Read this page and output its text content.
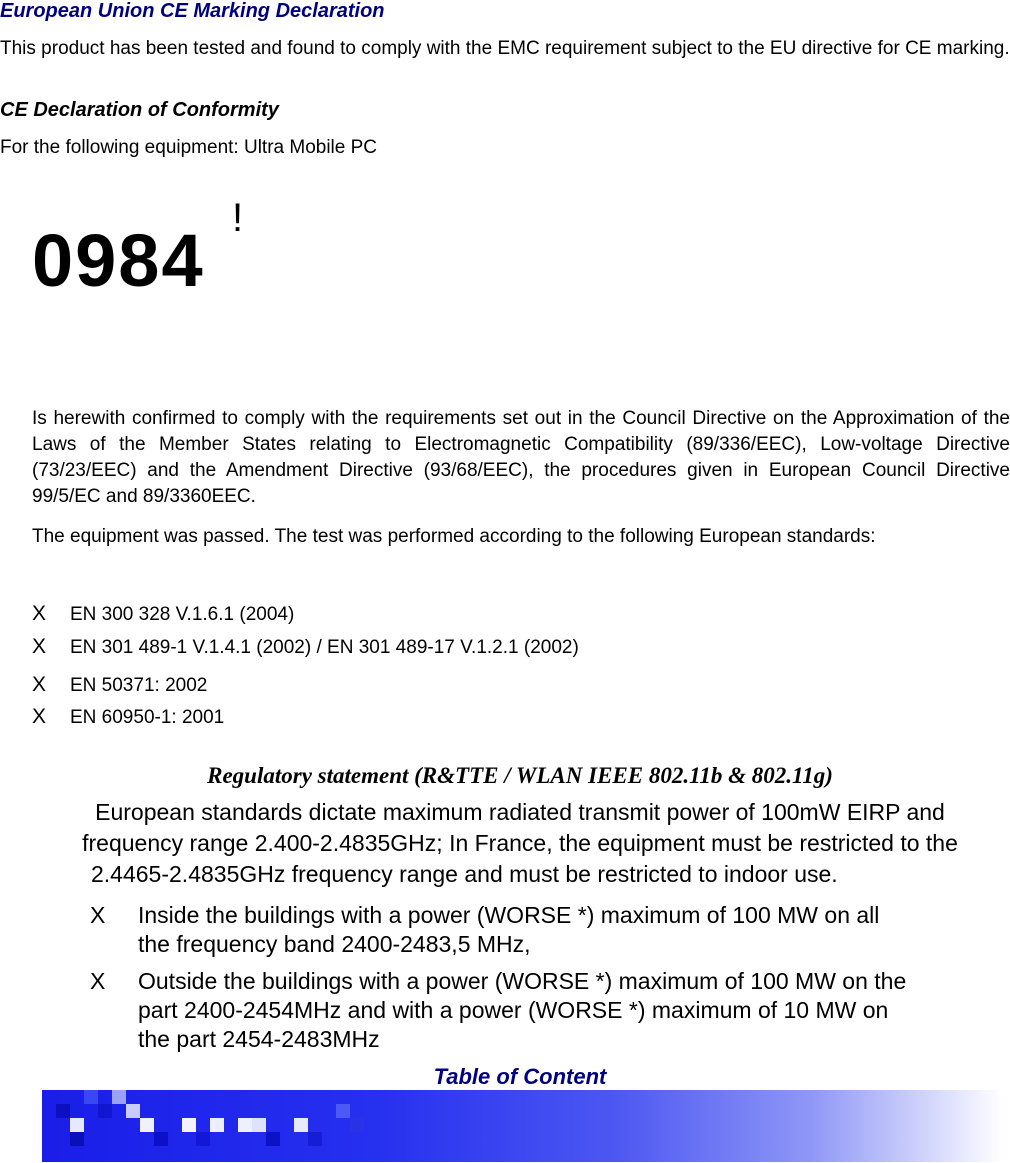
European Union CE Marking Declaration
This product has been tested and found to comply with the EMC requirement subject to the EU directive for CE marking.
CE Declaration of Conformity
For the following equipment: Ultra Mobile PC
0984
!
Is herewith confirmed to comply with the requirements set out in the Council Directive on the Approximation of the Laws of the Member States relating to Electromagnetic Compatibility (89/336/EEC), Low-voltage Directive (73/23/EEC) and the Amendment Directive (93/68/EEC), the procedures given in European Council Directive 99/5/EC and 89/3360EEC.
The equipment was passed. The test was performed according to the following European standards:
X EN 300 328 V.1.6.1 (2004)
X EN 301 489-1 V.1.4.1 (2002) / EN 301 489-17 V.1.2.1 (2002)
X EN 50371: 2002
X EN 60950-1: 2001
Regulatory statement (R&TTE / WLAN IEEE 802.11b & 802.11g)
European standards dictate maximum radiated transmit power of 100mW EIRP and
frequency range 2.400-2.4835GHz; In France, the equipment must be restricted to the
2.4465-2.4835GHz frequency range and must be restricted to indoor use.
X Inside the buildings with a power (WORSE *) maximum of 100 MW on all
the frequency band 2400-2483,5 MHz,
X Outside the buildings with a power (WORSE *) maximum of 100 MW on the
part 2400-2454MHz and with a power (WORSE *) maximum of 10 MW on
the part 2454-2483MHz
Table of Content
